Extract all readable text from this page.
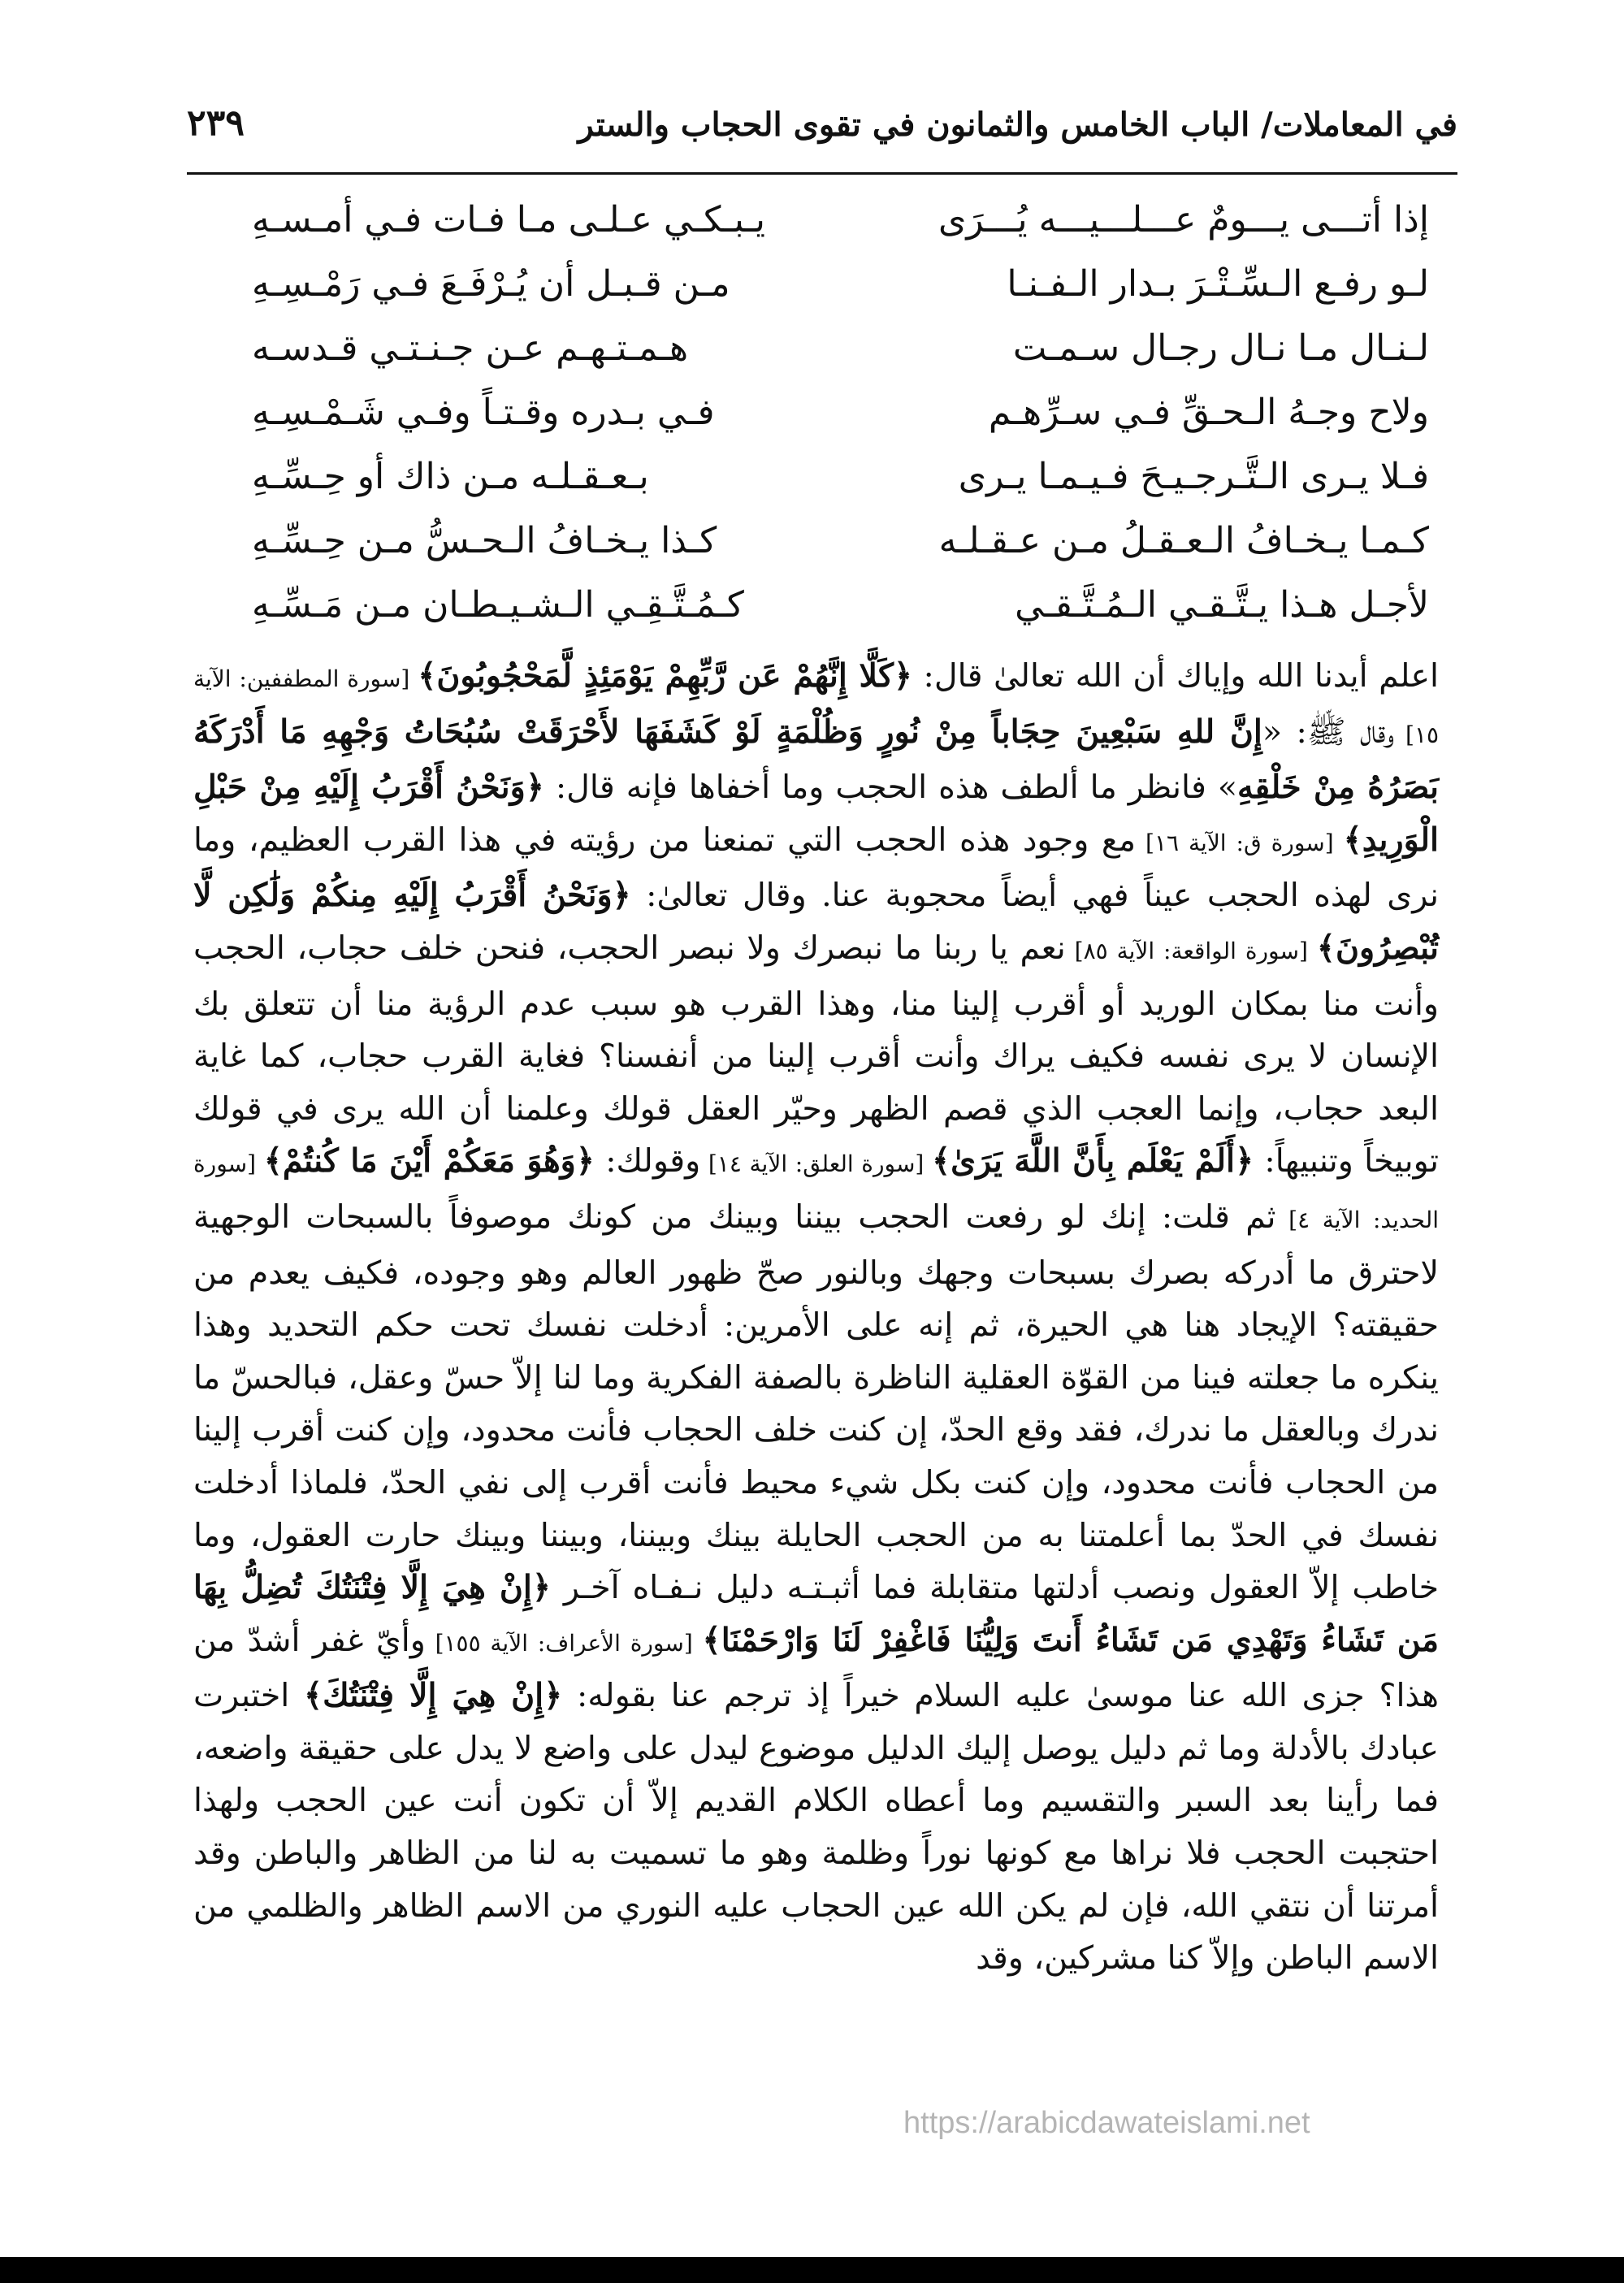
في المعاملات/ الباب الخامس والثمانون في تقوى الحجاب والستر
٢٣٩
إذا أتـــى يـــومٌ عـــلـــيـــه يُـــرَى
يـبـكـي عـلـى مـا فـات فـي أمـسـهِ
لـو رفـع الـسِّـتْـرَ بـدار الـفـنـا
مـن قـبـل أن يُـرْفَـعَ فـي رَمْـسِـهِ
لـنـال مـا نـال رجـال سـمـت
هـمـتـهـم عـن جـنـتـي قـدسـه
ولاح وجـهُ الـحـقِّ فـي سـرِّهـم
فـي بـدره وقـتـاً وفـي شَـمْـسِـهِ
فـلا يـرى الـتَّـرجـيـحَ فـيـمـا يـرى
بـعـقـلـه مـن ذاك أو حِـسِّـهِ
كـمـا يـخـافُ الـعـقـلُ مـن عـقـلـه
كـذا يـخـافُ الـحـسُّ مـن حِـسِّـهِ
لأجـل هـذا يـتَّـقـي الـمُـتَّـقـي
كـمُـتَّـقِـي الـشـيـطـان مـن مَـسِّـهِ

اعلم أيدنا الله وإياك أن الله تعالىٰ قال: ﴿كَلَّا إِنَّهُمْ عَن رَّبِّهِمْ يَوْمَئِذٍ لَّمَحْجُوبُونَ﴾ [سورة المطففين: الآية ١٥] وقال ﷺ: «إِنَّ للهِ سَبْعِينَ حِجَاباً مِنْ نُورٍ وَظُلْمَةٍ لَوْ كَشَفَهَا لأَحْرَقَتْ سُبُحَاتُ وَجْهِهِ مَا أَدْرَكَهُ بَصَرُهُ مِنْ خَلْقِهِ» فانظر ما ألطف هذه الحجب وما أخفاها فإنه قال: ﴿وَنَحْنُ أَقْرَبُ إِلَيْهِ مِنْ حَبْلِ الْوَرِيدِ﴾ [سورة ق: الآية ١٦] مع وجود هذه الحجب التي تمنعنا من رؤيته في هذا القرب العظيم، وما نرى لهذه الحجب عيناً فهي أيضاً محجوبة عنا. وقال تعالىٰ: ﴿وَنَحْنُ أَقْرَبُ إِلَيْهِ مِنكُمْ وَلَٰكِن لَّا تُبْصِرُونَ﴾ [سورة الواقعة: الآية ٨٥] نعم يا ربنا ما نبصرك ولا نبصر الحجب، فنحن خلف حجاب، الحجب وأنت منا بمكان الوريد أو أقرب إلينا منا، وهذا القرب هو سبب عدم الرؤية منا أن تتعلق بك الإنسان لا يرى نفسه فكيف يراك وأنت أقرب إلينا من أنفسنا؟ فغاية القرب حجاب، كما غاية البعد حجاب، وإنما العجب الذي قصم الظهر وحيّر العقل قولك وعلمنا أن الله يرى في قولك توبيخاً وتنبيهاً: ﴿أَلَمْ يَعْلَم بِأَنَّ اللَّهَ يَرَىٰ﴾ [سورة العلق: الآية ١٤] وقولك: ﴿وَهُوَ مَعَكُمْ أَيْنَ مَا كُنتُمْ﴾ [سورة الحديد: الآية ٤] ثم قلت: إنك لو رفعت الحجب بيننا وبينك من كونك موصوفاً بالسبحات الوجهية لاحترق ما أدركه بصرك بسبحات وجهك وبالنور صحّ ظهور العالم وهو وجوده، فكيف يعدم من حقيقته؟ الإيجاد هنا هي الحيرة، ثم إنه على الأمرين: أدخلت نفسك تحت حكم التحديد وهذا ينكره ما جعلته فينا من القوّة العقلية الناظرة بالصفة الفكرية وما لنا إلاّ حسّ وعقل، فبالحسّ ما ندرك وبالعقل ما ندرك، فقد وقع الحدّ، إن كنت خلف الحجاب فأنت محدود، وإن كنت أقرب إلينا من الحجاب فأنت محدود، وإن كنت بكل شيء محيط فأنت أقرب إلى نفي الحدّ، فلماذا أدخلت نفسك في الحدّ بما أعلمتنا به من الحجب الحايلة بينك وبيننا، وبيننا وبينك حارت العقول، وما خاطب إلاّ العقول ونصب أدلتها متقابلة فما أثبـتـه دليل نـفـاه آخـر ﴿إِنْ هِيَ إِلَّا فِتْنَتُكَ تُضِلُّ بِهَا مَن تَشَاءُ وَتَهْدِي مَن تَشَاءُ أَنتَ وَلِيُّنَا فَاغْفِرْ لَنَا وَارْحَمْنَا﴾ [سورة الأعراف: الآية ١٥٥] وأيّ غفر أشدّ من هذا؟ جزى الله عنا موسىٰ عليه السلام خيراً إذ ترجم عنا بقوله: ﴿إِنْ هِيَ إِلَّا فِتْنَتُكَ﴾ اختبرت عبادك بالأدلة وما ثم دليل يوصل إليك الدليل موضوع ليدل على واضع لا يدل على حقيقة واضعه، فما رأينا بعد السبر والتقسيم وما أعطاه الكلام القديم إلاّ أن تكون أنت عين الحجب ولهذا احتجبت الحجب فلا نراها مع كونها نوراً وظلمة وهو ما تسميت به لنا من الظاهر والباطن وقد أمرتنا أن نتقي الله، فإن لم يكن الله عين الحجاب عليه النوري من الاسم الظاهر والظلمي من الاسم الباطن وإلاّ كنا مشركين، وقد

https://arabicdawateislami.net
